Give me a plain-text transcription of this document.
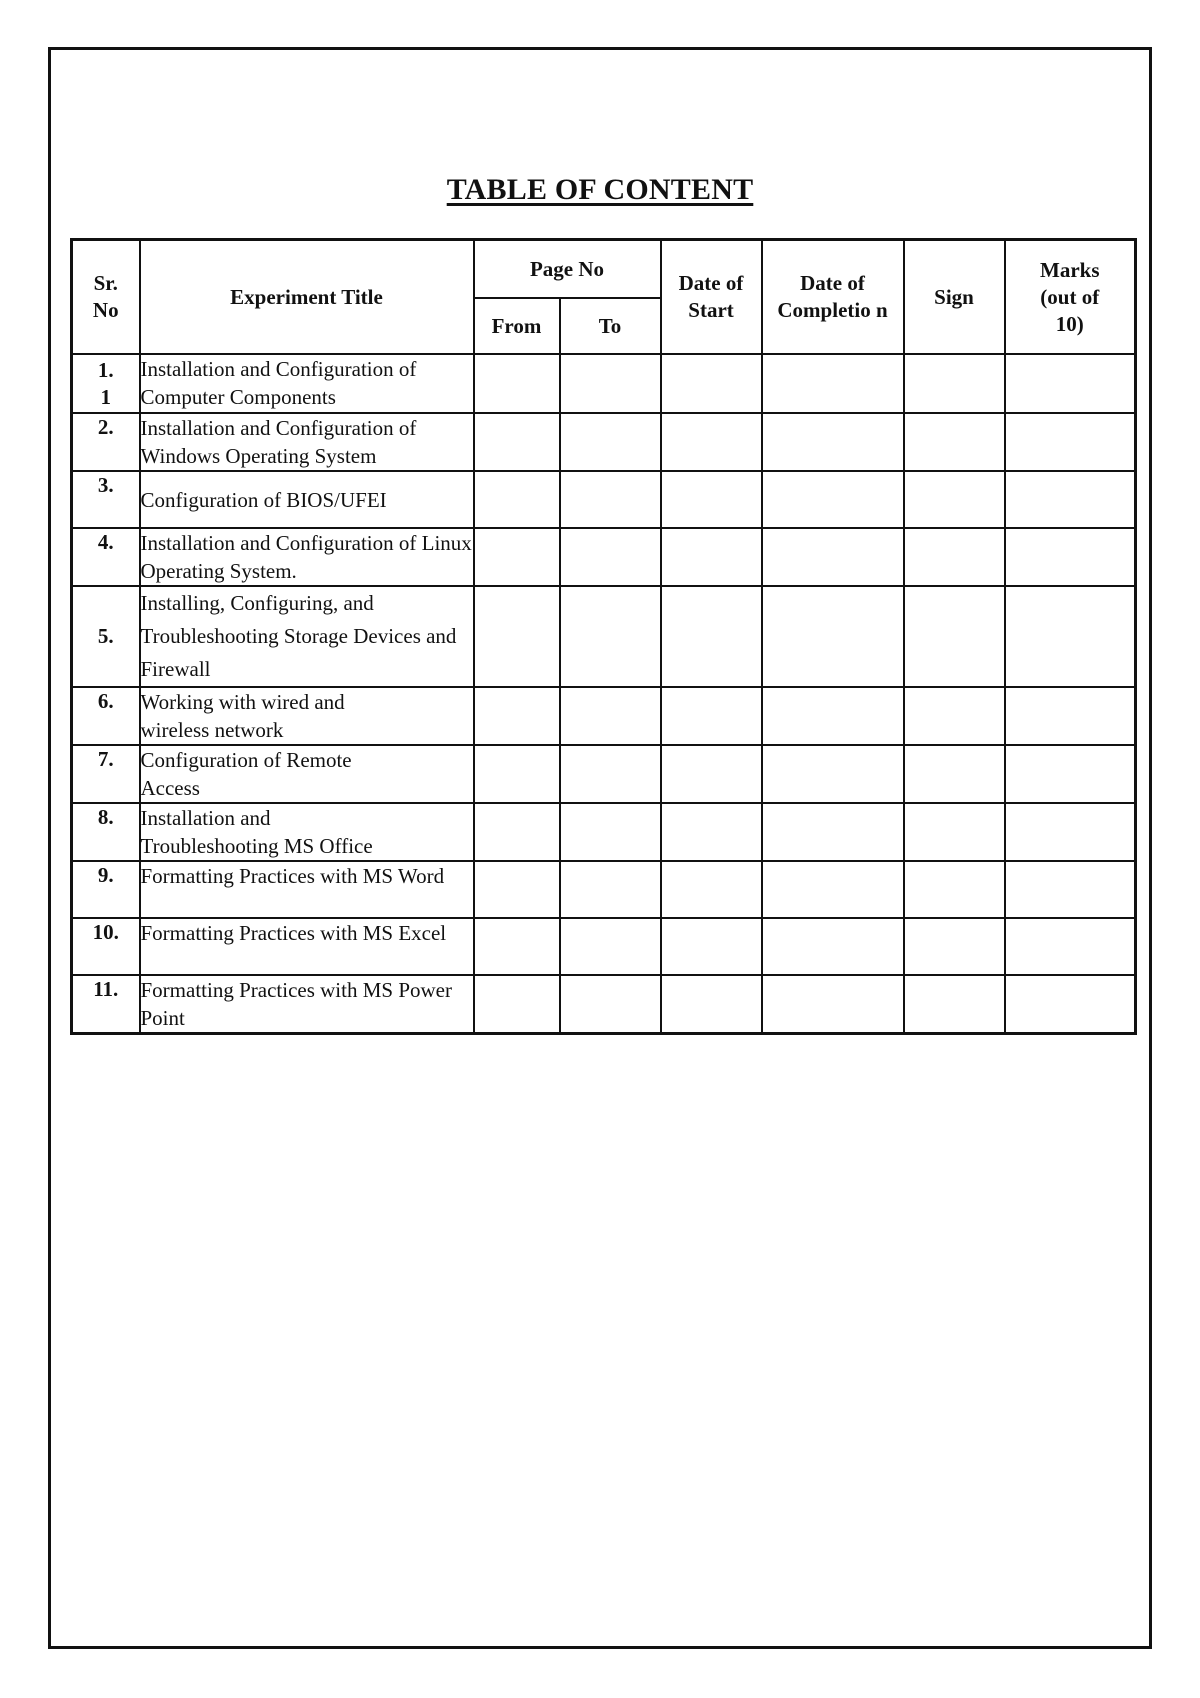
TABLE OF CONTENT
Sr. No	Experiment Title	Page No		Date of Start	Date of Completio n	Sign	Marks (out of 10)
		From	To				
1. 1	Installation and Configuration of Computer Components						
2.	Installation and Configuration of Windows Operating System						
3.	Configuration of BIOS/UFEI						
4.	Installation and Configuration of Linux Operating System.						
5.	Installing, Configuring, and Troubleshooting Storage Devices and Firewall						
6.	Working with wired and wireless network						
7.	Configuration of Remote Access						
8.	Installation and Troubleshooting MS Office						
9.	Formatting Practices with MS Word						
10.	Formatting Practices with MS Excel						
11.	Formatting Practices with MS Power Point						
